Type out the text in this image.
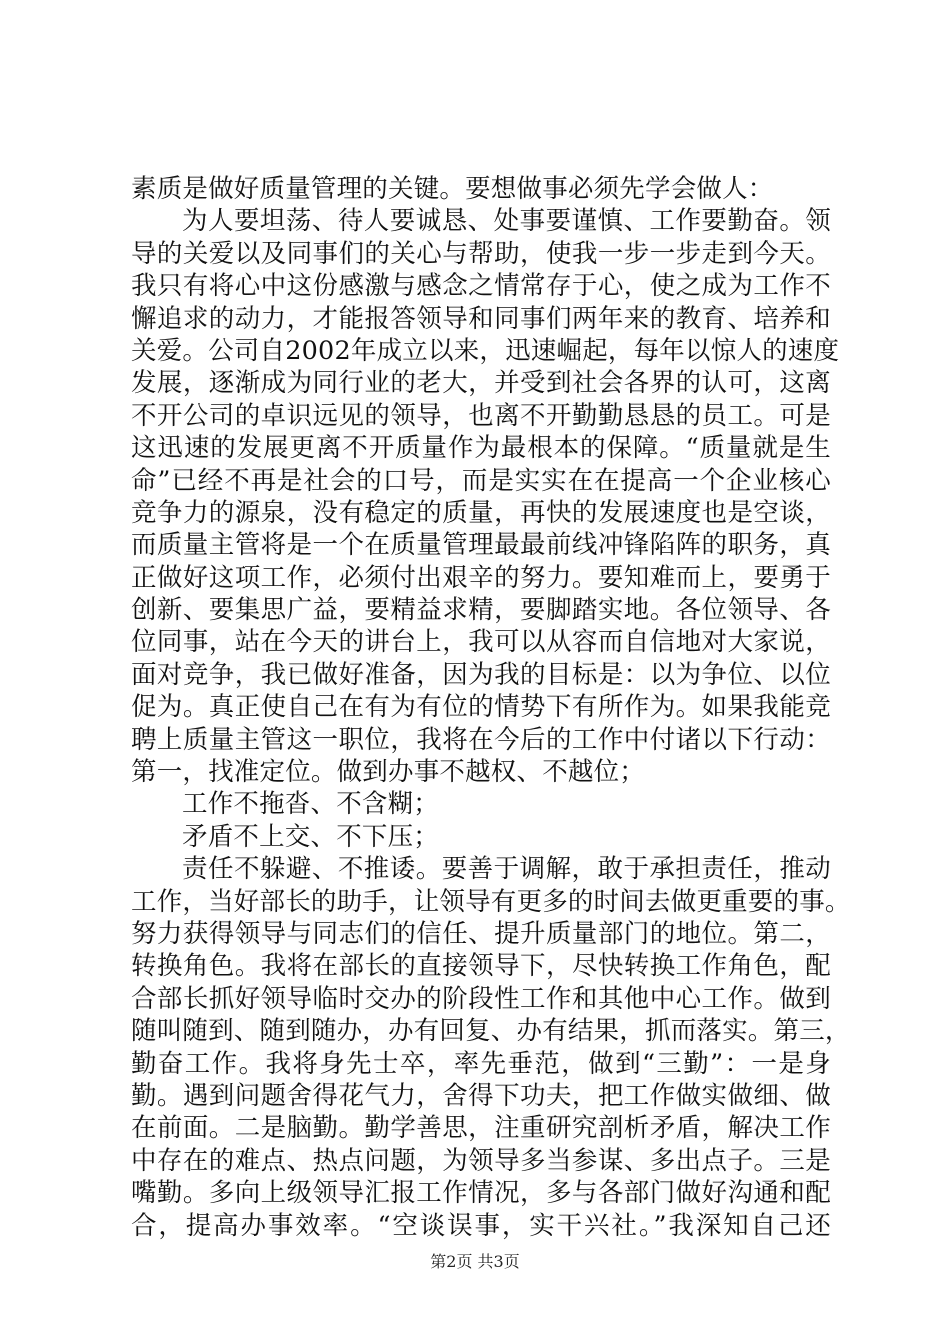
素质是做好质量管理的关键。要想做事必须先学会做人：
为人要坦荡、待人要诚恳、处事要谨慎、工作要勤奋。领
导的关爱以及同事们的关心与帮助，使我一步一步走到今天。
我只有将心中这份感激与感念之情常存于心，使之成为工作不
懈追求的动力，才能报答领导和同事们两年来的教育、培养和
关爱。公司自2002年成立以来，迅速崛起，每年以惊人的速度
发展，逐渐成为同行业的老大，并受到社会各界的认可，这离
不开公司的卓识远见的领导，也离不开勤勤恳恳的员工。可是
这迅速的发展更离不开质量作为最根本的保障。“质量就是生
命”已经不再是社会的口号，而是实实在在提高一个企业核心
竞争力的源泉，没有稳定的质量，再快的发展速度也是空谈，
而质量主管将是一个在质量管理最最前线冲锋陷阵的职务，真
正做好这项工作，必须付出艰辛的努力。要知难而上，要勇于
创新、要集思广益，要精益求精，要脚踏实地。各位领导、各
位同事，站在今天的讲台上，我可以从容而自信地对大家说，
面对竞争，我已做好准备，因为我的目标是：以为争位、以位
促为。真正使自己在有为有位的情势下有所作为。如果我能竞
聘上质量主管这一职位，我将在今后的工作中付诸以下行动：
第一，找准定位。做到办事不越权、不越位；
工作不拖沓、不含糊；
矛盾不上交、不下压；
责任不躲避、不推诿。要善于调解，敢于承担责任，推动
工作，当好部长的助手，让领导有更多的时间去做更重要的事。
努力获得领导与同志们的信任、提升质量部门的地位。第二，
转换角色。我将在部长的直接领导下，尽快转换工作角色，配
合部长抓好领导临时交办的阶段性工作和其他中心工作。做到
随叫随到、随到随办，办有回复、办有结果，抓而落实。第三，
勤奋工作。我将身先士卒，率先垂范，做到“三勤”：一是身
勤。遇到问题舍得花气力，舍得下功夫，把工作做实做细、做
在前面。二是脑勤。勤学善思，注重研究剖析矛盾，解决工作
中存在的难点、热点问题，为领导多当参谋、多出点子。三是
嘴勤。多向上级领导汇报工作情况，多与各部门做好沟通和配
合，提高办事效率。“空谈误事，实干兴社。”我深知自己还
第2页 共3页
